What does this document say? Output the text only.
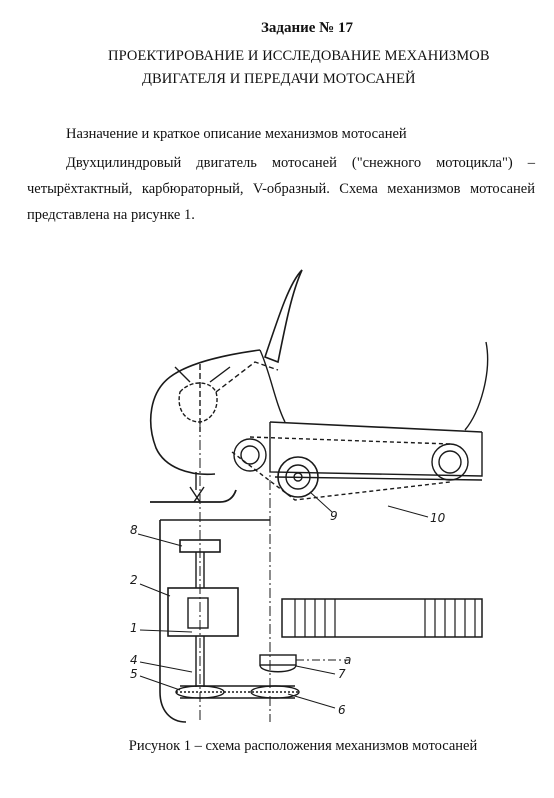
Задание № 17
ПРОЕКТИРОВАНИЕ И ИССЛЕДОВАНИЕ МЕХАНИЗМОВ
ДВИГАТЕЛЯ И ПЕРЕДАЧИ МОТОСАНЕЙ
Назначение и краткое описание механизмов мотосаней
Двухцилиндровый двигатель мотосаней ("снежного мотоцикла") – четырёхтактный, карбюраторный, V-образный. Схема механизмов мотосаней представлена на рисунке 1.
8
2
1
4
5	7
6
9	10
a
Рисунок 1 – схема расположения механизмов мотосаней
